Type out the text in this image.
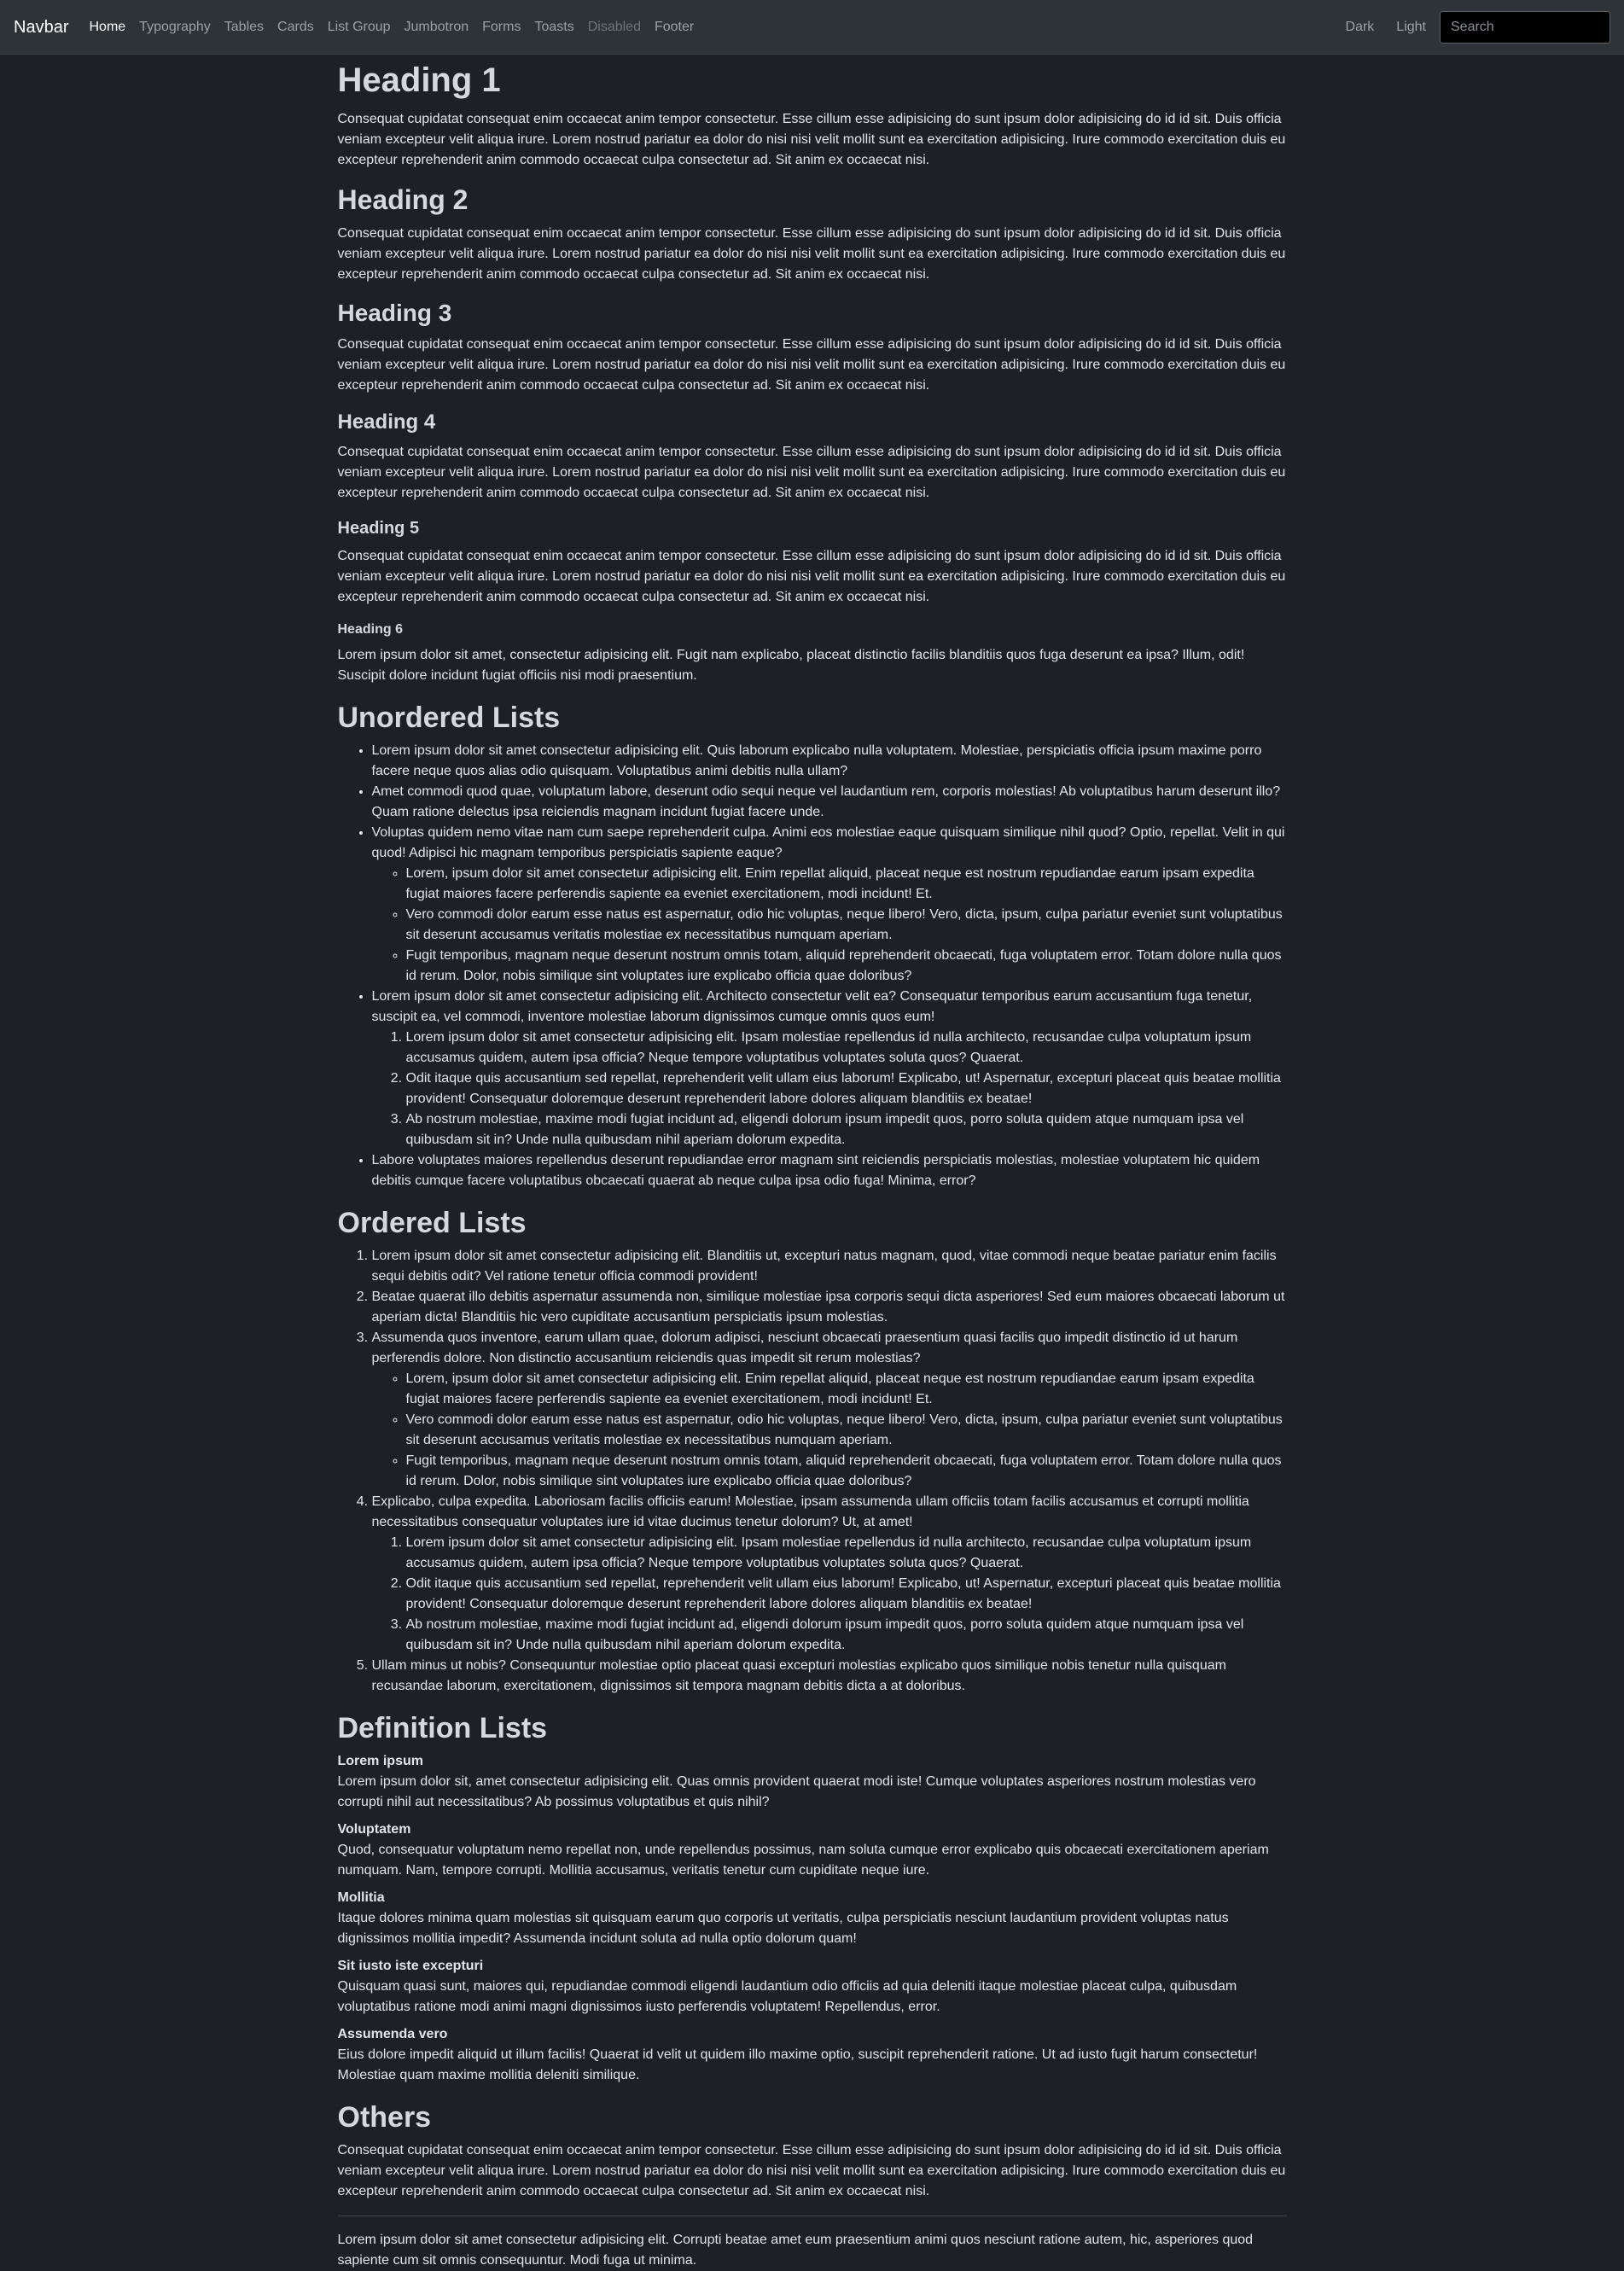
Navbar Home Typography Tables Cards List Group Jumbotron Forms Toasts Disabled Footer	Dark Light
Search
Heading 1

Consequat cupidatat consequat enim occaecat anim tempor consectetur. Esse cillum esse adipisicing do sunt ipsum dolor adipisicing do id id sit. Duis officia veniam excepteur velit aliqua irure. Lorem nostrud pariatur ea dolor do nisi nisi velit mollit sunt ea exercitation adipisicing. Irure commodo exercitation duis eu excepteur reprehenderit anim commodo occaecat culpa consectetur ad. Sit anim ex occaecat nisi.

Heading 2

Consequat cupidatat consequat enim occaecat anim tempor consectetur. Esse cillum esse adipisicing do sunt ipsum dolor adipisicing do id id sit. Duis officia veniam excepteur velit aliqua irure. Lorem nostrud pariatur ea dolor do nisi nisi velit mollit sunt ea exercitation adipisicing. Irure commodo exercitation duis eu excepteur reprehenderit anim commodo occaecat culpa consectetur ad. Sit anim ex occaecat nisi.

Heading 3

Consequat cupidatat consequat enim occaecat anim tempor consectetur. Esse cillum esse adipisicing do sunt ipsum dolor adipisicing do id id sit. Duis officia veniam excepteur velit aliqua irure. Lorem nostrud pariatur ea dolor do nisi nisi velit mollit sunt ea exercitation adipisicing. Irure commodo exercitation duis eu excepteur reprehenderit anim commodo occaecat culpa consectetur ad. Sit anim ex occaecat nisi.

Heading 4

Consequat cupidatat consequat enim occaecat anim tempor consectetur. Esse cillum esse adipisicing do sunt ipsum dolor adipisicing do id id sit. Duis officia veniam excepteur velit aliqua irure. Lorem nostrud pariatur ea dolor do nisi nisi velit mollit sunt ea exercitation adipisicing. Irure commodo exercitation duis eu excepteur reprehenderit anim commodo occaecat culpa consectetur ad. Sit anim ex occaecat nisi.

Heading 5

Consequat cupidatat consequat enim occaecat anim tempor consectetur. Esse cillum esse adipisicing do sunt ipsum dolor adipisicing do id id sit. Duis officia veniam excepteur velit aliqua irure. Lorem nostrud pariatur ea dolor do nisi nisi velit mollit sunt ea exercitation adipisicing. Irure commodo exercitation duis eu excepteur reprehenderit anim commodo occaecat culpa consectetur ad. Sit anim ex occaecat nisi.

Heading 6

Lorem ipsum dolor sit amet, consectetur adipisicing elit. Fugit nam explicabo, placeat distinctio facilis blanditiis quos fuga deserunt ea ipsa? Illum, odit! Suscipit dolore incidunt fugiat officiis nisi modi praesentium.

Unordered Lists
• Lorem ipsum dolor sit amet consectetur adipisicing elit. Quis laborum explicabo nulla voluptatem. Molestiae, perspiciatis officia ipsum maxime porro facere neque quos alias odio quisquam. Voluptatibus animi debitis nulla ullam?
• Amet commodi quod quae, voluptatum labore, deserunt odio sequi neque vel laudantium rem, corporis molestias! Ab voluptatibus harum deserunt illo? Quam ratione delectus ipsa reiciendis magnam incidunt fugiat facere unde.
• Voluptas quidem nemo vitae nam cum saepe reprehenderit culpa. Animi eos molestiae eaque quisquam similique nihil quod? Optio, repellat. Velit in qui quod! Adipisci hic magnam temporibus perspiciatis sapiente eaque?
◦ Lorem, ipsum dolor sit amet consectetur adipisicing elit. Enim repellat aliquid, placeat neque est nostrum repudiandae earum ipsam expedita fugiat maiores facere perferendis sapiente ea eveniet exercitationem, modi incidunt! Et.
◦ Vero commodi dolor earum esse natus est aspernatur, odio hic voluptas, neque libero! Vero, dicta, ipsum, culpa pariatur eveniet sunt voluptatibus sit deserunt accusamus veritatis molestiae ex necessitatibus numquam aperiam.
◦ Fugit temporibus, magnam neque deserunt nostrum omnis totam, aliquid reprehenderit obcaecati, fuga voluptatem error. Totam dolore nulla quos id rerum. Dolor, nobis similique sint voluptates iure explicabo officia quae doloribus?
• Lorem ipsum dolor sit amet consectetur adipisicing elit. Architecto consectetur velit ea? Consequatur temporibus earum accusantium fuga tenetur, suscipit ea, vel commodi, inventore molestiae laborum dignissimos cumque omnis quos eum!
1. Lorem ipsum dolor sit amet consectetur adipisicing elit. Ipsam molestiae repellendus id nulla architecto, recusandae culpa voluptatum ipsum accusamus quidem, autem ipsa officia? Neque tempore voluptatibus voluptates soluta quos? Quaerat.
2. Odit itaque quis accusantium sed repellat, reprehenderit velit ullam eius laborum! Explicabo, ut! Aspernatur, excepturi placeat quis beatae mollitia provident! Consequatur doloremque deserunt reprehenderit labore dolores aliquam blanditiis ex beatae!
3. Ab nostrum molestiae, maxime modi fugiat incidunt ad, eligendi dolorum ipsum impedit quos, porro soluta quidem atque numquam ipsa vel quibusdam sit in? Unde nulla quibusdam nihil aperiam dolorum expedita.
• Labore voluptates maiores repellendus deserunt repudiandae error magnam sint reiciendis perspiciatis molestias, molestiae voluptatem hic quidem debitis cumque facere voluptatibus obcaecati quaerat ab neque culpa ipsa odio fuga! Minima, error?
Ordered Lists
1. Lorem ipsum dolor sit amet consectetur adipisicing elit. Blanditiis ut, excepturi natus magnam, quod, vitae commodi neque beatae pariatur enim facilis sequi debitis odit? Vel ratione tenetur officia commodi provident!
2. Beatae quaerat illo debitis aspernatur assumenda non, similique molestiae ipsa corporis sequi dicta asperiores! Sed eum maiores obcaecati laborum ut aperiam dicta! Blanditiis hic vero cupiditate accusantium perspiciatis ipsum molestias.
3. Assumenda quos inventore, earum ullam quae, dolorum adipisci, nesciunt obcaecati praesentium quasi facilis quo impedit distinctio id ut harum perferendis dolore. Non distinctio accusantium reiciendis quas impedit sit rerum molestias?
◦ Lorem, ipsum dolor sit amet consectetur adipisicing elit. Enim repellat aliquid, placeat neque est nostrum repudiandae earum ipsam expedita fugiat maiores facere perferendis sapiente ea eveniet exercitationem, modi incidunt! Et.
◦ Vero commodi dolor earum esse natus est aspernatur, odio hic voluptas, neque libero! Vero, dicta, ipsum, culpa pariatur eveniet sunt voluptatibus sit deserunt accusamus veritatis molestiae ex necessitatibus numquam aperiam.
◦ Fugit temporibus, magnam neque deserunt nostrum omnis totam, aliquid reprehenderit obcaecati, fuga voluptatem error. Totam dolore nulla quos id rerum. Dolor, nobis similique sint voluptates iure explicabo officia quae doloribus?
4. Explicabo, culpa expedita. Laboriosam facilis officiis earum! Molestiae, ipsam assumenda ullam officiis totam facilis accusamus et corrupti mollitia necessitatibus consequatur voluptates iure id vitae ducimus tenetur dolorum? Ut, at amet!
1. Lorem ipsum dolor sit amet consectetur adipisicing elit. Ipsam molestiae repellendus id nulla architecto, recusandae culpa voluptatum ipsum accusamus quidem, autem ipsa officia? Neque tempore voluptatibus voluptates soluta quos? Quaerat.
2. Odit itaque quis accusantium sed repellat, reprehenderit velit ullam eius laborum! Explicabo, ut! Aspernatur, excepturi placeat quis beatae mollitia provident! Consequatur doloremque deserunt reprehenderit labore dolores aliquam blanditiis ex beatae!
3. Ab nostrum molestiae, maxime modi fugiat incidunt ad, eligendi dolorum ipsum impedit quos, porro soluta quidem atque numquam ipsa vel quibusdam sit in? Unde nulla quibusdam nihil aperiam dolorum expedita.
5. Ullam minus ut nobis? Consequuntur molestiae optio placeat quasi excepturi molestias explicabo quos similique nobis tenetur nulla quisquam recusandae laborum, exercitationem, dignissimos sit tempora magnam debitis dicta a at doloribus.
Definition Lists
Lorem ipsum
Lorem ipsum dolor sit, amet consectetur adipisicing elit. Quas omnis provident quaerat modi iste! Cumque voluptates asperiores nostrum molestias vero corrupti nihil aut necessitatibus? Ab possimus voluptatibus et quis nihil?
Voluptatem
Quod, consequatur voluptatum nemo repellat non, unde repellendus possimus, nam soluta cumque error explicabo quis obcaecati exercitationem aperiam numquam. Nam, tempore corrupti. Mollitia accusamus, veritatis tenetur cum cupiditate neque iure.
Mollitia
Itaque dolores minima quam molestias sit quisquam earum quo corporis ut veritatis, culpa perspiciatis nesciunt laudantium provident voluptas natus dignissimos mollitia impedit? Assumenda incidunt soluta ad nulla optio dolorum quam!
Sit iusto iste excepturi
Quisquam quasi sunt, maiores qui, repudiandae commodi eligendi laudantium odio officiis ad quia deleniti itaque molestiae placeat culpa, quibusdam voluptatibus ratione modi animi magni dignissimos iusto perferendis voluptatem! Repellendus, error.
Assumenda vero
Eius dolore impedit aliquid ut illum facilis! Quaerat id velit ut quidem illo maxime optio, suscipit reprehenderit ratione. Ut ad iusto fugit harum consectetur! Molestiae quam maxime mollitia deleniti similique.
Others

Consequat cupidatat consequat enim occaecat anim tempor consectetur. Esse cillum esse adipisicing do sunt ipsum dolor adipisicing do id id sit. Duis officia veniam excepteur velit aliqua irure. Lorem nostrud pariatur ea dolor do nisi nisi velit mollit sunt ea exercitation adipisicing. Irure commodo exercitation duis eu excepteur reprehenderit anim commodo occaecat culpa consectetur ad. Sit anim ex occaecat nisi.

Lorem ipsum dolor sit amet consectetur adipisicing elit. Corrupti beatae amet eum praesentium animi quos nesciunt ratione autem, hic, asperiores quod sapiente cum sit omnis consequuntur. Modi fuga ut minima.
